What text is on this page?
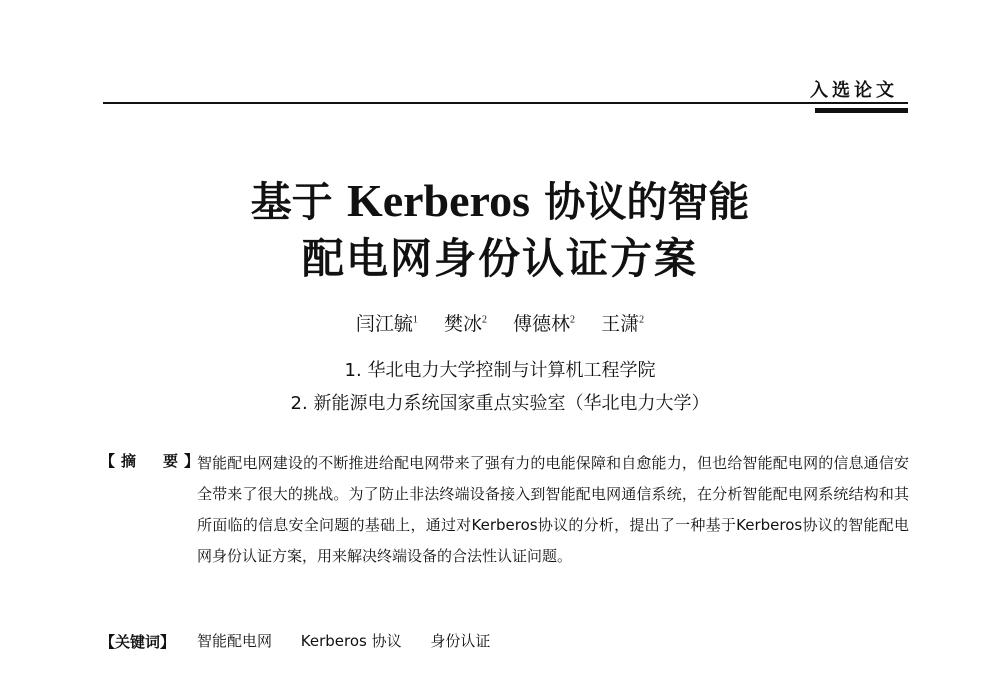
入选论文
基于 Kerberos 协议的智能
配电网身份认证方案
闫江毓$^1$ 樊冰$^2$ 傅德林$^2$ 王潇$^2$
1. 华北电力大学控制与计算机工程学院
2. 新能源电力系统国家重点实验室（华北电力大学）
【摘　要】
智能配电网建设的不断推进给配电网带来了强有力的电能保障和自愈能力，但也给智能配电网的信息通信安全带来了很大的挑战。为了防止非法终端设备接入到智能配电网通信系统，在分析智能配电网系统结构和其所面临的信息安全问题的基础上，通过对Kerberos协议的分析，提出了一种基于Kerberos协议的智能配电网身份认证方案，用来解决终端设备的合法性认证问题。
【关键词】 智能配电网 Kerberos 协议 身份认证
